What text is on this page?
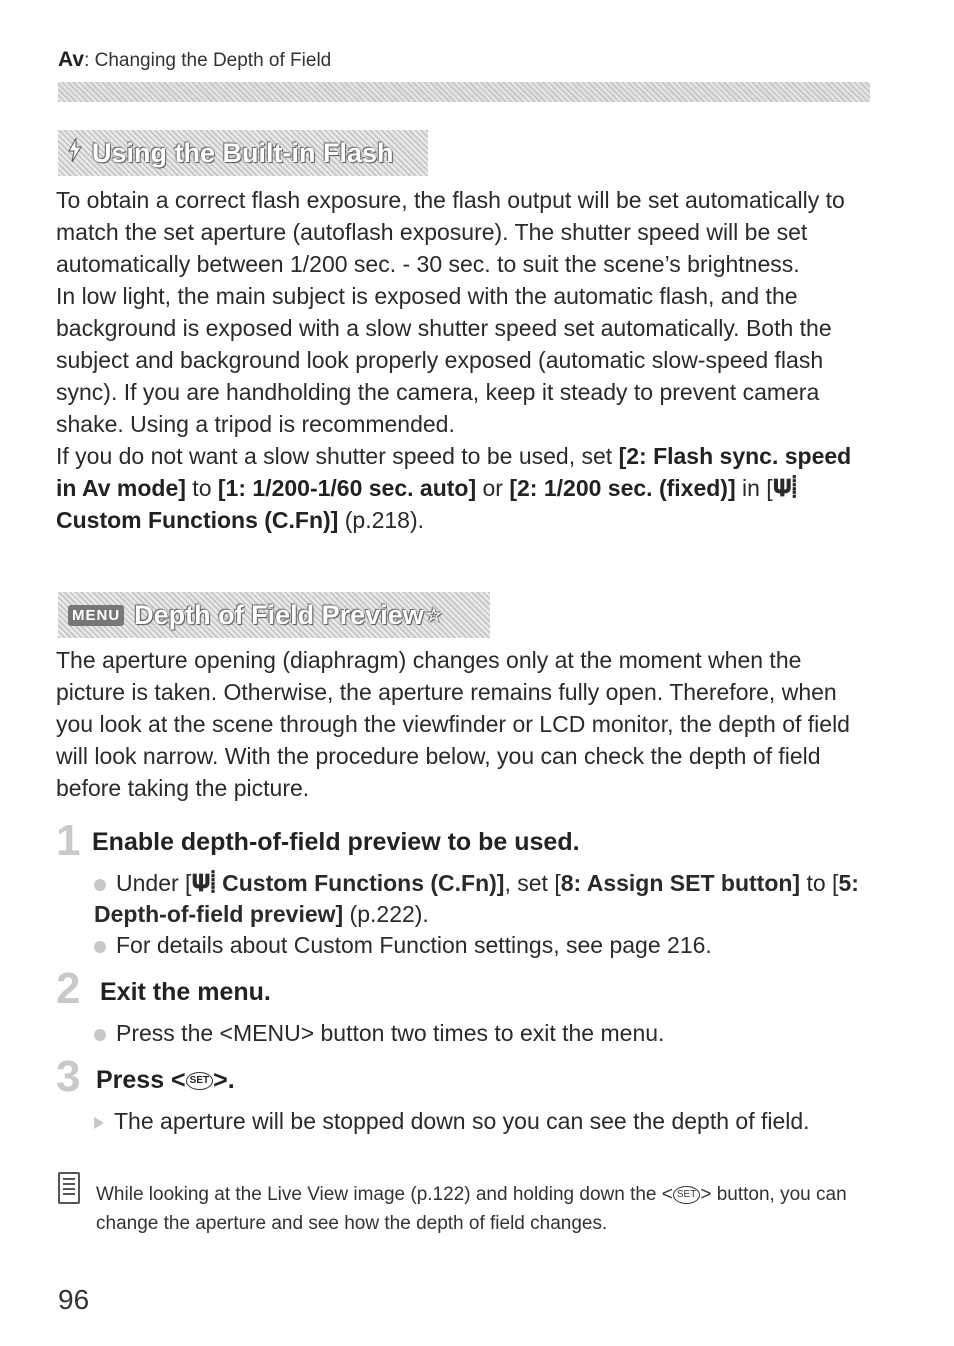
Av: Changing the Depth of Field
Using the Built-in Flash
To obtain a correct flash exposure, the flash output will be set automatically to match the set aperture (autoflash exposure). The shutter speed will be set automatically between 1/200 sec. - 30 sec. to suit the scene’s brightness.
In low light, the main subject is exposed with the automatic flash, and the background is exposed with a slow shutter speed set automatically. Both the subject and background look properly exposed (automatic slow-speed flash sync). If you are handholding the camera, keep it steady to prevent camera shake. Using a tripod is recommended.
If you do not want a slow shutter speed to be used, set [2: Flash sync. speed in Av mode] to [1: 1/200-1/60 sec. auto] or [2: 1/200 sec. (fixed)] in [𝚿⸽ Custom Functions (C.Fn)] (p.218).
MENU Depth of Field Preview ☆
The aperture opening (diaphragm) changes only at the moment when the picture is taken. Otherwise, the aperture remains fully open. Therefore, when you look at the scene through the viewfinder or LCD monitor, the depth of field will look narrow. With the procedure below, you can check the depth of field before taking the picture.
1 Enable depth-of-field preview to be used.
Under [𝚿⸽ Custom Functions (C.Fn)], set [8: Assign SET button] to [5: Depth-of-field preview] (p.222).
For details about Custom Function settings, see page 216.
2 Exit the menu.
Press the <MENU> button two times to exit the menu.
3 Press < SET >.
The aperture will be stopped down so you can see the depth of field.
While looking at the Live View image (p.122) and holding down the < SET > button, you can change the aperture and see how the depth of field changes.
96
